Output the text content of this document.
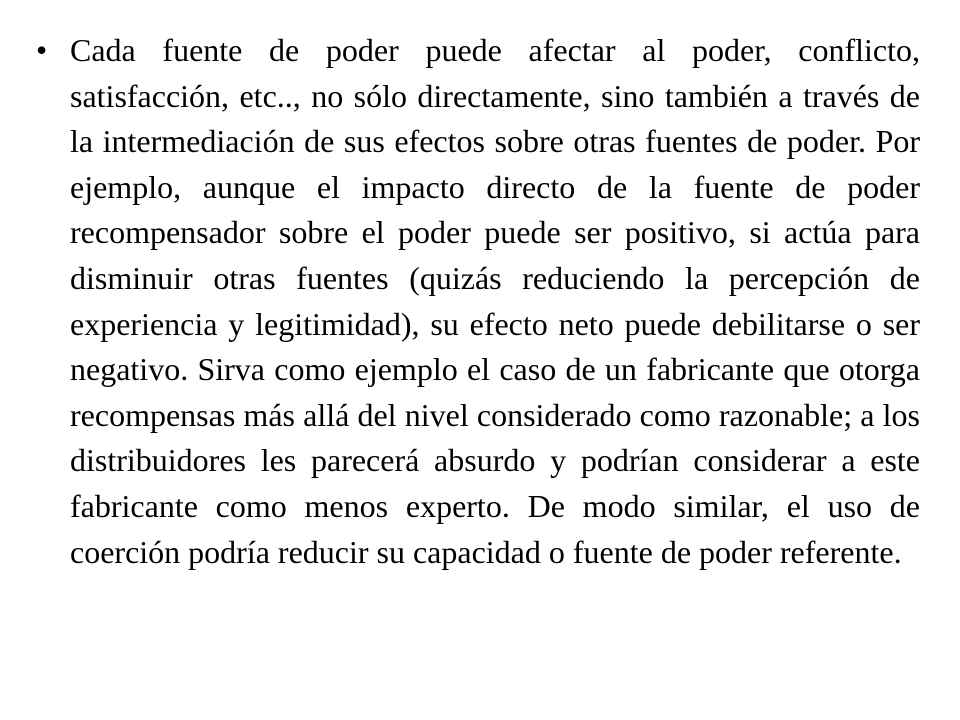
• Cada fuente de poder puede afectar al poder, conflicto, satisfacción, etc.., no sólo directamente, sino también a través de la intermediación de sus efectos sobre otras fuentes de poder. Por ejemplo, aunque el impacto directo de la fuente de poder recompensador sobre el poder puede ser positivo, si actúa para disminuir otras fuentes (quizás reduciendo la percepción de experiencia y legitimidad), su efecto neto puede debilitarse o ser negativo. Sirva como ejemplo el caso de un fabricante que otorga recompensas más allá del nivel considerado como razonable; a los distribuidores les parecerá absurdo y podrían considerar a este fabricante como menos experto. De modo similar, el uso de coerción podría reducir su capacidad o fuente de poder referente.
